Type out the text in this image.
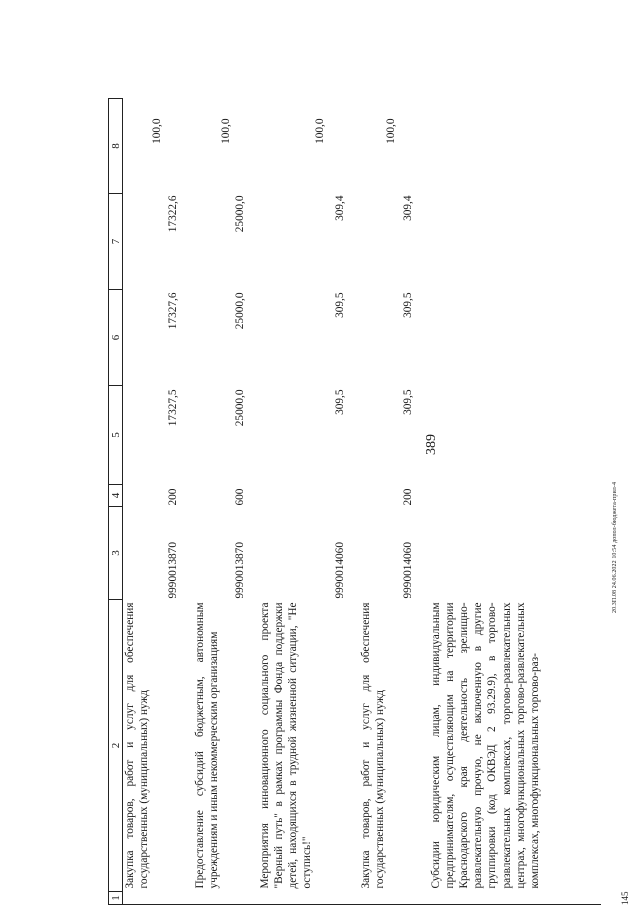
389
20.3П.08 24.06.2022 10:54 допол-бюджета-прил-4
145
1	2	3	4	5	6	7	8
	Закупка товаров, работ и услуг для обеспечения государственных (муниципальных) нужд	9990013870	200	17327,5	17327,6	17322,6	100,0
	Предоставление субсидий бюджетным, автономным учреждениям и иным некоммерческим организациям	9990013870	600	25000,0	25000,0	25000,0	100,0
	Мероприятия инновационного социального проекта "Верный путь" в рамках программы Фонда поддержки детей, находящихся в трудной жизненной ситуации, "Не оступись!"	9990014060		309,5	309,5	309,4	100,0
	Закупка товаров, работ и услуг для обеспечения государственных (муниципальных) нужд	9990014060	200	309,5	309,5	309,4	100,0
	Субсидии юридическим лицам, индивидуальным предпринимателям, осуществляющим на территории Краснодарского края деятельность зрелищно-развлекательную прочую, не включенную в другие группировки (код ОКВЭД 2 93.29.9), в торгово-развлекательных комплексах, торгово-развлекательных центрах, многофункциональных торгово-развлекательных комплексах, многофункциональных торгово-раз-						
